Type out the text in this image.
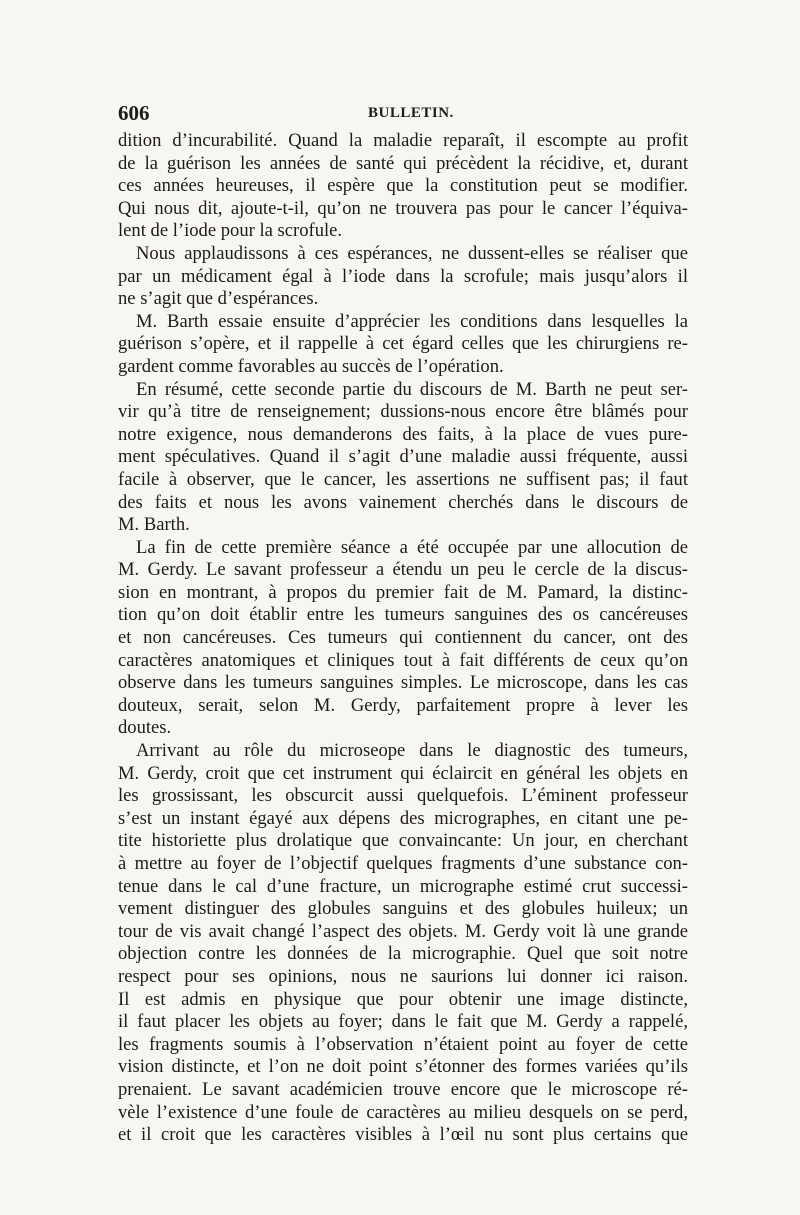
606	BULLETIN.
dition d’incurabilité. Quand la maladie reparaît, il escompte au profit
de la guérison les années de santé qui précèdent la récidive, et, durant
ces années heureuses, il espère que la constitution peut se modifier.
Qui nous dit, ajoute-t-il, qu’on ne trouvera pas pour le cancer l’équiva-
lent de l’iode pour la scrofule.
Nous applaudissons à ces espérances, ne dussent-elles se réaliser que
par un médicament égal à l’iode dans la scrofule; mais jusqu’alors il
ne s’agit que d’espérances.
M. Barth essaie ensuite d’apprécier les conditions dans lesquelles la
guérison s’opère, et il rappelle à cet égard celles que les chirurgiens re-
gardent comme favorables au succès de l’opération.
En résumé, cette seconde partie du discours de M. Barth ne peut ser-
vir qu’à titre de renseignement; dussions-nous encore être blâmés pour
notre exigence, nous demanderons des faits, à la place de vues pure-
ment spéculatives. Quand il s’agit d’une maladie aussi fréquente, aussi
facile à observer, que le cancer, les assertions ne suffisent pas; il faut
des faits et nous les avons vainement cherchés dans le discours de
M. Barth.
La fin de cette première séance a été occupée par une allocution de
M. Gerdy. Le savant professeur a étendu un peu le cercle de la discus-
sion en montrant, à propos du premier fait de M. Pamard, la distinc-
tion qu’on doit établir entre les tumeurs sanguines des os cancéreuses
et non cancéreuses. Ces tumeurs qui contiennent du cancer, ont des
caractères anatomiques et cliniques tout à fait différents de ceux qu’on
observe dans les tumeurs sanguines simples. Le microscope, dans les cas
douteux, serait, selon M. Gerdy, parfaitement propre à lever les
doutes.
Arrivant au rôle du microseope dans le diagnostic des tumeurs,
M. Gerdy, croit que cet instrument qui éclaircit en général les objets en
les grossissant, les obscurcit aussi quelquefois. L’éminent professeur
s’est un instant égayé aux dépens des micrographes, en citant une pe-
tite historiette plus drolatique que convaincante: Un jour, en cherchant
à mettre au foyer de l’objectif quelques fragments d’une substance con-
tenue dans le cal d’une fracture, un micrographe estimé crut successi-
vement distinguer des globules sanguins et des globules huileux; un
tour de vis avait changé l’aspect des objets. M. Gerdy voit là une grande
objection contre les données de la micrographie. Quel que soit notre
respect pour ses opinions, nous ne saurions lui donner ici raison.
Il est admis en physique que pour obtenir une image distincte,
il faut placer les objets au foyer; dans le fait que M. Gerdy a rappelé,
les fragments soumis à l’observation n’étaient point au foyer de cette
vision distincte, et l’on ne doit point s’étonner des formes variées qu’ils
prenaient. Le savant académicien trouve encore que le microscope ré-
vèle l’existence d’une foule de caractères au milieu desquels on se perd,
et il croit que les caractères visibles à l’œil nu sont plus certains que
